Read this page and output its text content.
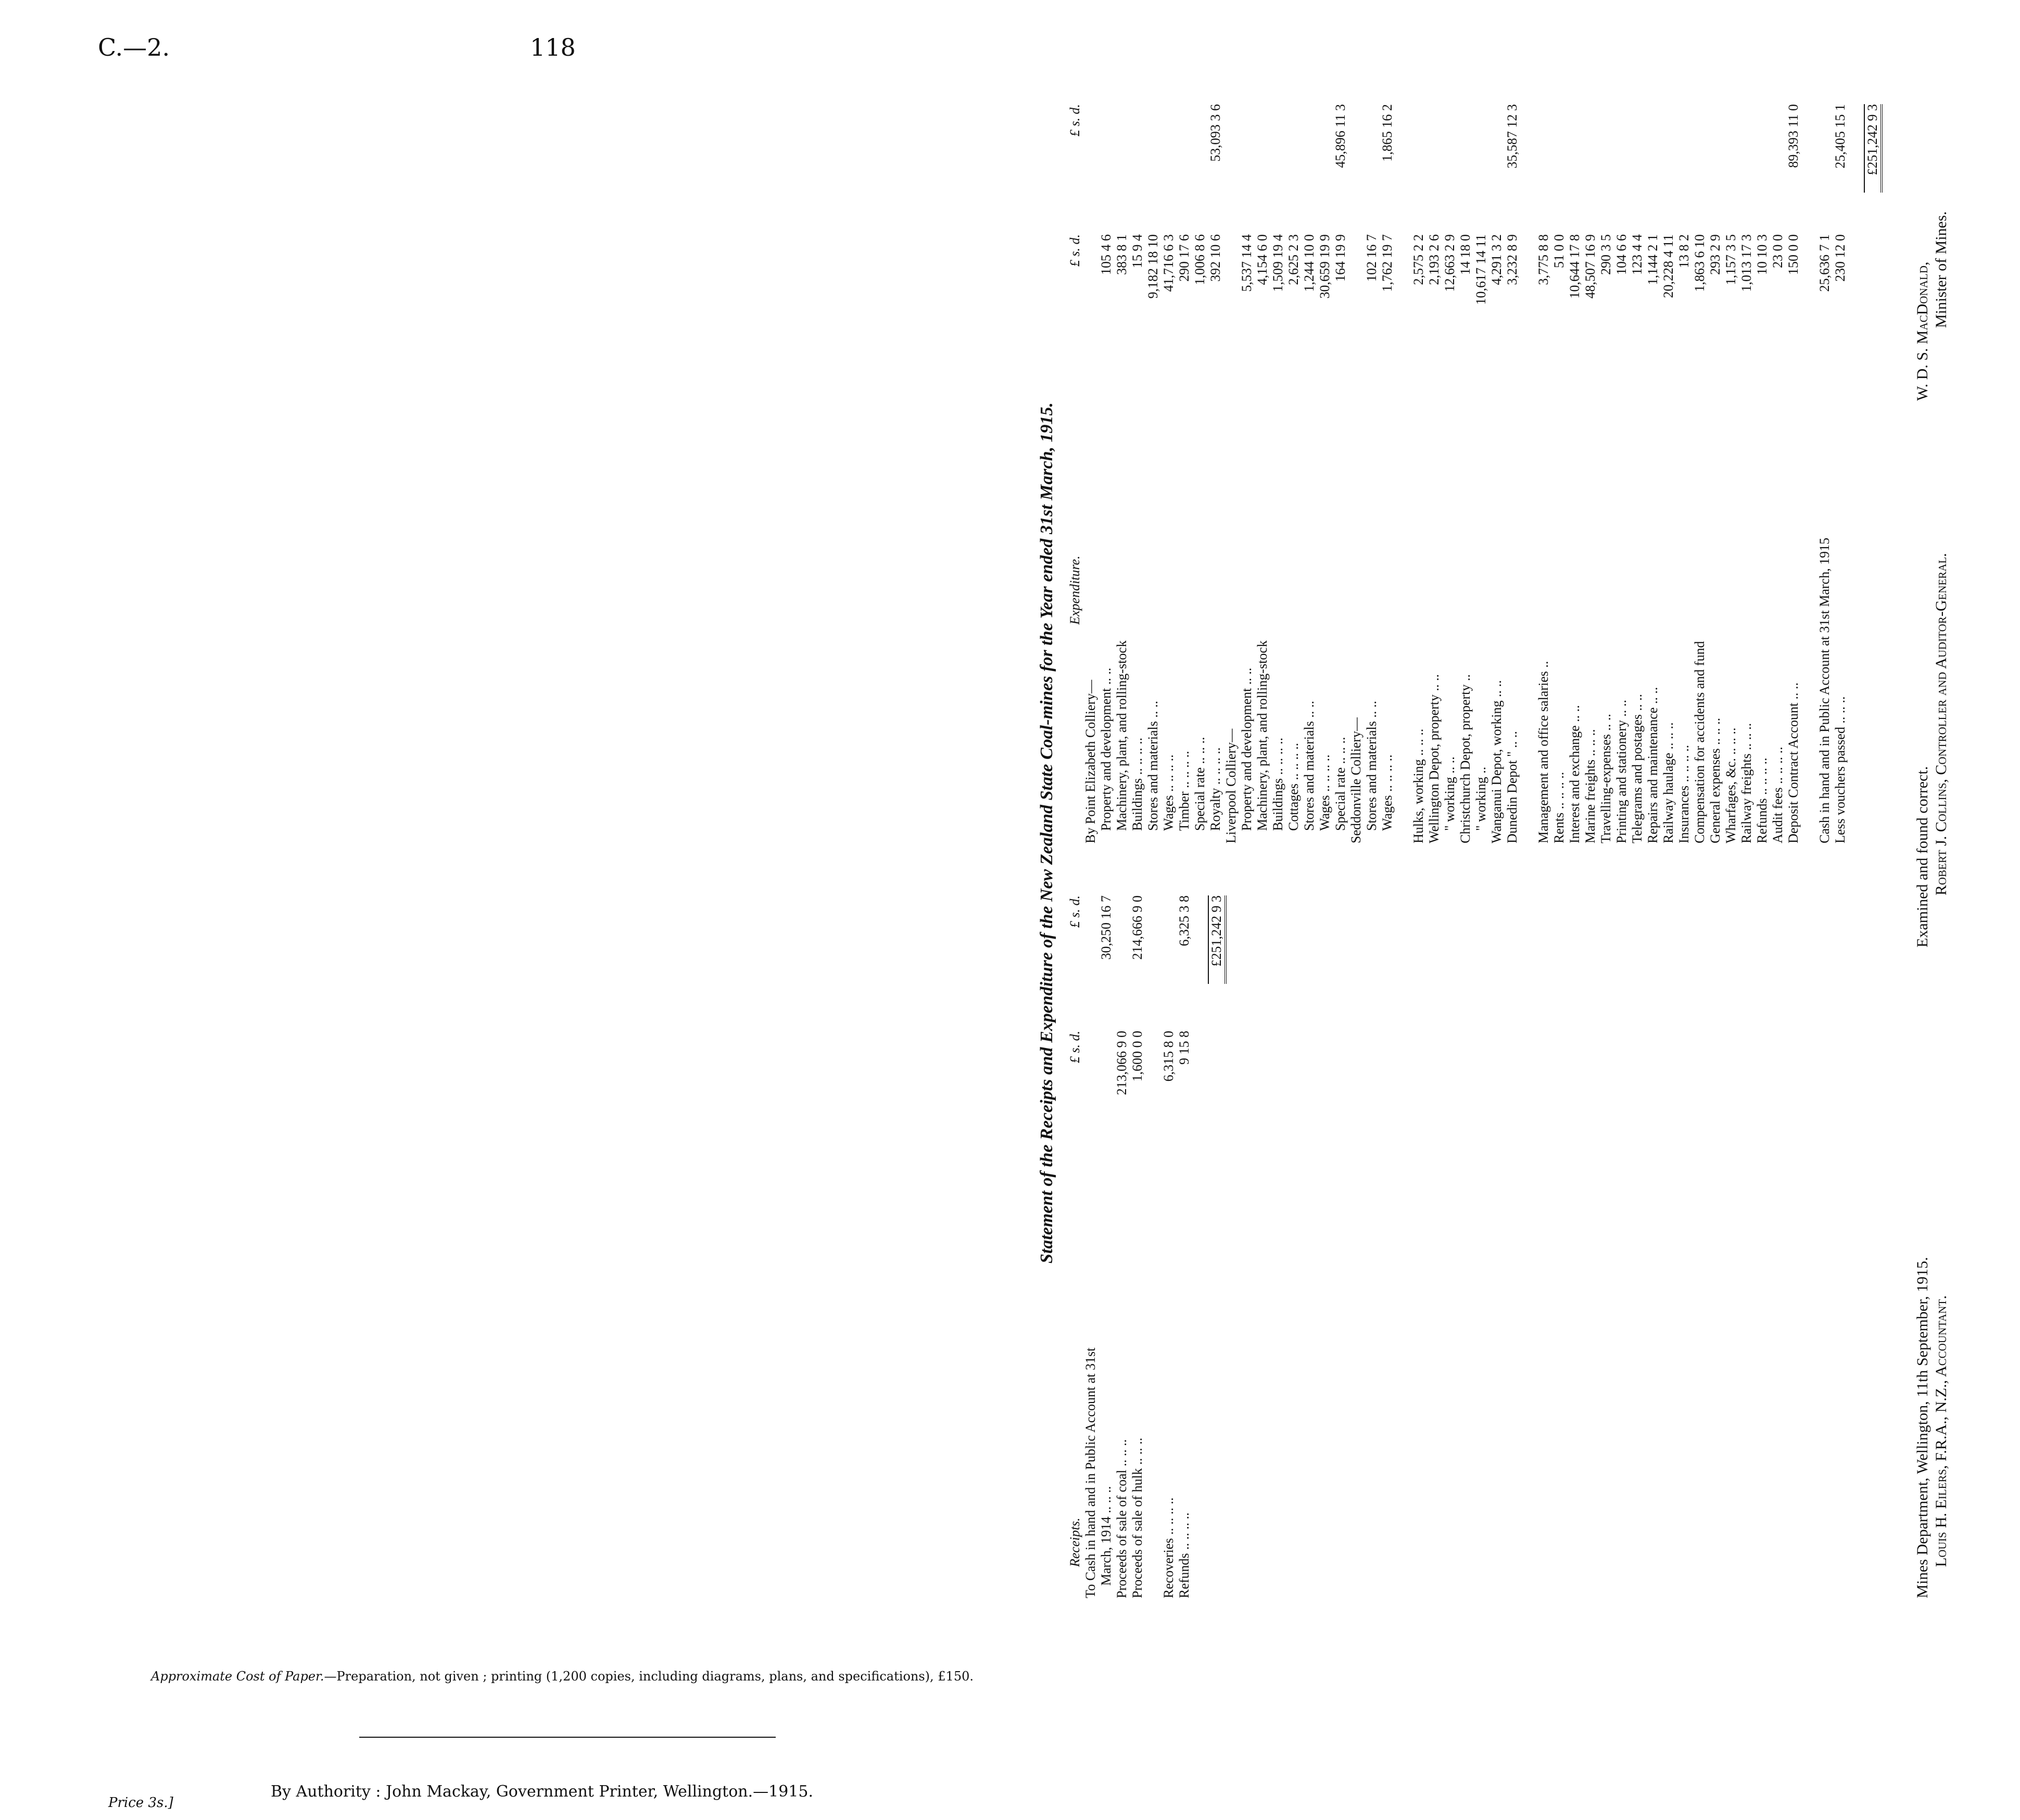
C.—2.	118
Statement of the Receipts and Expenditure of the New Zealand State Coal-mines for the Year ended 31st March, 1915.
Receipts.
£ s. d.
£ s. d.
To Cash in hand and in Public Account at 31st March, 1914 .. .. ..
30,250 16 7
Proceeds of sale of coal .. .. ..
213,066 9 0
Proceeds of sale of hulk .. .. ..
1,600 0 0
214,666 9 0
Recoveries .. .. .. ..
6,315 8 0
Refunds .. .. .. ..
9 15 8
6,325 3 8 £251,242 9 3
Expenditure.
£ s. d.
£ s. d.
By Point Elizabeth Colliery— Property and development .. ..
105 4 6
Machinery, plant, and rolling-stock
383 8 1
Buildings .. .. .. ..
15 9 4
Stores and materials .. ..
9,182 18 10
Wages .. .. .. ..
41,716 6 3
Timber .. .. .. ..
290 17 6
Special rate .. .. ..
1,006 8 6
Royalty .. .. .. ..
392 10 6
53,093 3 6
Liverpool Colliery— Property and development .. ..
5,537 14 4
Machinery, plant, and rolling-stock
4,154 6 0
Buildings .. .. .. ..
1,509 19 4
Cottages .. .. .. ..
2,625 2 3
Stores and materials .. ..
1,244 10 0
Wages .. .. .. ..
30,659 19 9
Special rate .. .. ..
164 19 9
45,896 11 3
Seddonville Colliery— Stores and materials .. ..
102 16 7
Wages .. .. .. ..
1,762 19 7
1,865 16 2
Hulks, working .. .. ..
2,575 2 2
Wellington Depot, property .. ..
2,193 2 6
" working .. ..
12,663 2 9
Christchurch Depot, property ..
14 18 0
" working ..
10,617 14 11
Wanganui Depot, working .. ..
4,291 3 2
Dunedin Depot " .. ..
3,232 8 9
35,587 12 3
Management and office salaries ..
3,775 8 8
Rents .. .. .. ..
51 0 0
Interest and exchange .. ..
10,644 17 8
Marine freights .. .. ..
48,507 16 9
Travelling-expenses .. ..
290 3 5
Printing and stationery .. ..
104 6 6
Telegrams and postages .. ..
123 4 4
Repairs and maintenance .. ..
1,144 2 1
Railway haulage .. .. ..
20,228 4 11
Insurances .. .. .. ..
13 8 2
Compensation for accidents and fund
1,863 6 10
General expenses .. .. ..
293 2 9
Wharfages, &c. .. .. ..
1,157 3 5
Railway freights .. .. ..
1,013 17 3
Refunds .. .. .. ..
10 10 3
Audit fees .. .. .. ..
23 0 0
Deposit Contract Account .. ..
150 0 0
89,393 11 0
Cash in hand and in Public Account at 31st March, 1915
25,636 7 1
Less vouchers passed .. .. ..
230 12 0
25,405 15 1 £251,242 9 3
Mines Department, Wellington, 11th September, 1915. Louis H. Eilers, F.R.A., N.Z., Accountant.
Examined and found correct. Robert J. Collins, Controller and Auditor-General.
W. D. S. MacDonald, Minister of Mines.
Approximate Cost of Paper.—Preparation, not given ; printing (1,200 copies, including diagrams, plans, and specifications), £150.
By Authority : John Mackay, Government Printer, Wellington.—1915.
Price 3s.]
